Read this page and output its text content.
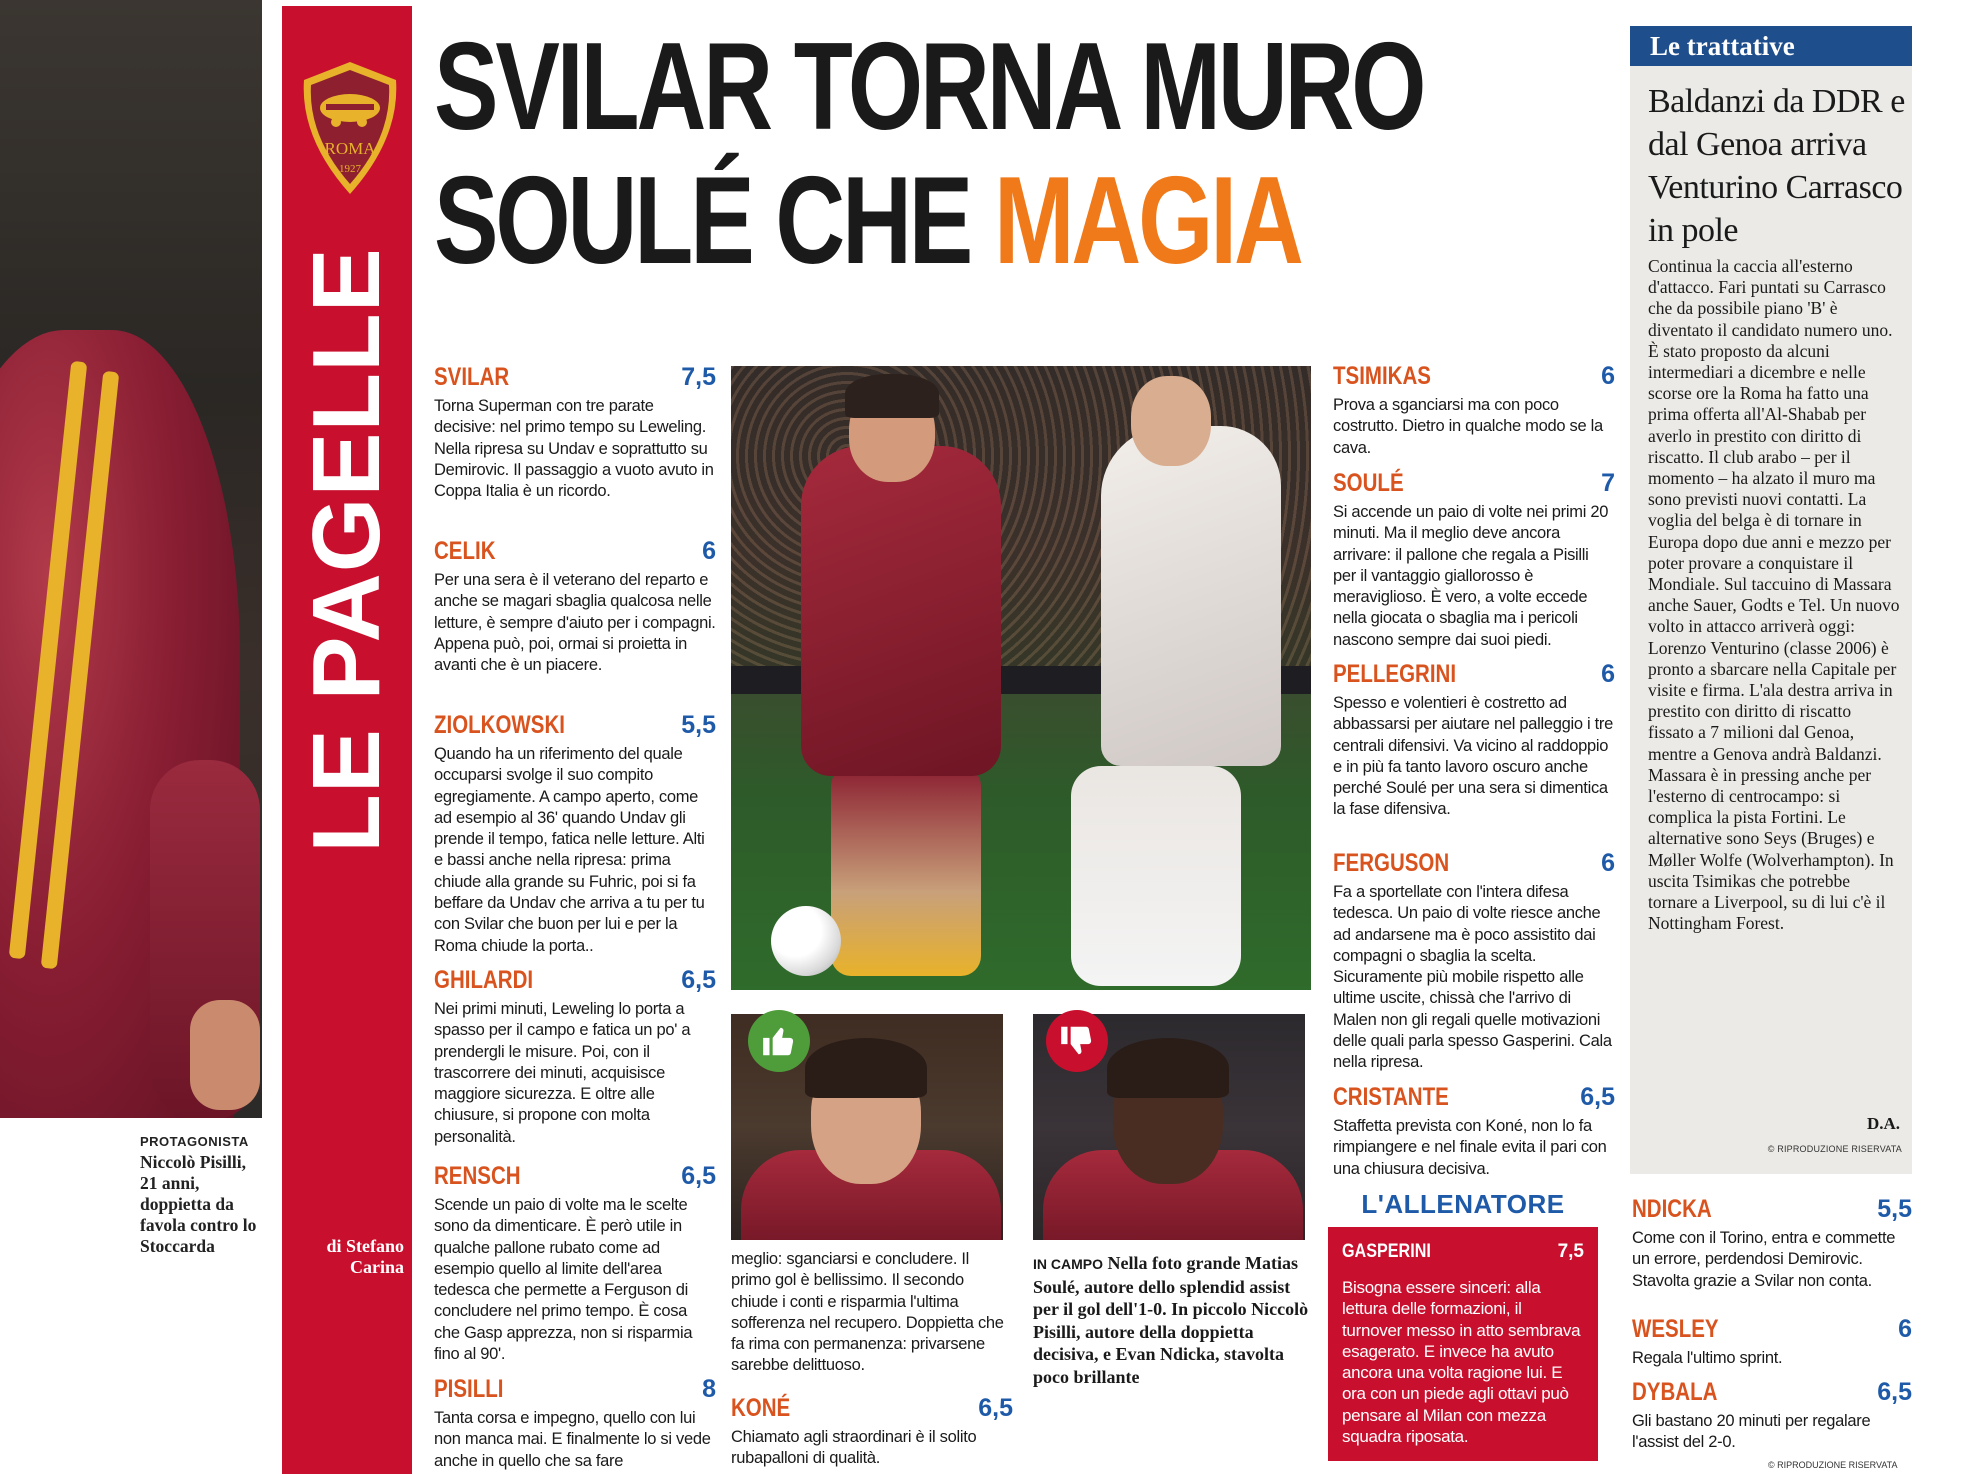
PROTAGONISTA
Niccolò Pisilli, 21 anni, doppietta da favola contro lo Stoccarda
ROMA
1927
LE PAGELLE
di Stefano Carina
SVILAR TORNA MURO
SOULÉ CHE MAGIA
SVILAR	7,5
Torna Superman con tre parate decisive: nel primo tempo su Leweling. Nella ripresa su Undav e soprattutto su Demirovic. Il passaggio a vuoto avuto in Coppa Italia è un ricordo.
CELIK	6
Per una sera è il veterano del reparto e anche se magari sbaglia qualcosa nelle letture, è sempre d'aiuto per i compagni. Appena può, poi, ormai si proietta in avanti che è un piacere.
ZIOLKOWSKI	5,5
Quando ha un riferimento del quale occuparsi svolge il suo compito egregiamente. A campo aperto, come ad esempio al 36' quando Undav gli prende il tempo, fatica nelle letture. Alti e bassi anche nella ripresa: prima chiude alla grande su Fuhric, poi si fa beffare da Undav che arriva a tu per tu con Svilar che buon per lui e per la Roma chiude la porta..
GHILARDI	6,5
Nei primi minuti, Leweling lo porta a spasso per il campo e fatica un po' a prendergli le misure. Poi, con il trascorrere dei minuti, acquisisce maggiore sicurezza. E oltre alle chiusure, si propone con molta personalità.
RENSCH	6,5
Scende un paio di volte ma le scelte sono da dimenticare. È però utile in qualche pallone rubato come ad esempio quello al limite dell'area tedesca che permette a Ferguson di concludere nel primo tempo. È cosa che Gasp apprezza, non si risparmia fino al 90'.
PISILLI	8
Tanta corsa e impegno, quello con lui non manca mai. E finalmente lo si vede anche in quello che sa fare
meglio: sganciarsi e concludere. Il primo gol è bellissimo. Il secondo chiude i conti e risparmia l'ultima sofferenza nel recupero. Doppietta che fa rima con permanenza: privarsene sarebbe delittuoso.
KONÉ	6,5
Chiamato agli straordinari è il solito rubapalloni di qualità.
IN CAMPO Nella foto grande Matias Soulé, autore dello splendid assist per il gol dell'1-0. In piccolo Niccolò Pisilli, autore della doppietta decisiva, e Evan Ndicka, stavolta poco brillante
TSIMIKAS	6
Prova a sganciarsi ma con poco costrutto. Dietro in qualche modo se la cava.
SOULÉ	7
Si accende un paio di volte nei primi 20 minuti. Ma il meglio deve ancora arrivare: il pallone che regala a Pisilli per il vantaggio giallorosso è meraviglioso. È vero, a volte eccede nella giocata o sbaglia ma i pericoli nascono sempre dai suoi piedi.
PELLEGRINI	6
Spesso e volentieri è costretto ad abbassarsi per aiutare nel palleggio i tre centrali difensivi. Va vicino al raddoppio e in più fa tanto lavoro oscuro anche perché Soulé per una sera si dimentica la fase difensiva.
FERGUSON	6
Fa a sportellate con l'intera difesa tedesca. Un paio di volte riesce anche ad andarsene ma è poco assistito dai compagni o sbaglia la scelta. Sicuramente più mobile rispetto alle ultime uscite, chissà che l'arrivo di Malen non gli regali quelle motivazioni delle quali parla spesso Gasperini. Cala nella ripresa.
CRISTANTE	6,5
Staffetta prevista con Koné, non lo fa rimpiangere e nel finale evita il pari con una chiusura decisiva.
L'ALLENATORE
GASPERINI	7,5
Bisogna essere sinceri: alla lettura delle formazioni, il turnover messo in atto sembrava esagerato. E invece ha avuto ancora una volta ragione lui. E ora con un piede agli ottavi può pensare al Milan con mezza squadra riposata.
Le trattative
Baldanzi da DDR e dal Genoa arriva Venturino Carrasco in pole
Continua la caccia all'esterno d'attacco. Fari puntati su Carrasco che da possibile piano 'B' è diventato il candidato numero uno. È stato proposto da alcuni intermediari a dicembre e nelle scorse ore la Roma ha fatto una prima offerta all'Al-Shabab per averlo in prestito con diritto di riscatto. Il club arabo – per il momento – ha alzato il muro ma sono previsti nuovi contatti. La voglia del belga è di tornare in Europa dopo due anni e mezzo per poter provare a conquistare il Mondiale. Sul taccuino di Massara anche Sauer, Godts e Tel. Un nuovo volto in attacco arriverà oggi: Lorenzo Venturino (classe 2006) è pronto a sbarcare nella Capitale per visite e firma. L'ala destra arriva in prestito con diritto di riscatto fissato a 7 milioni dal Genoa, mentre a Genova andrà Baldanzi. Massara è in pressing anche per l'esterno di centrocampo: si complica la pista Fortini. Le alternative sono Seys (Bruges) e Møller Wolfe (Wolverhampton). In uscita Tsimikas che potrebbe tornare a Liverpool, su di lui c'è il Nottingham Forest.
D.A.
© RIPRODUZIONE RISERVATA
NDICKA	5,5
Come con il Torino, entra e commette un errore, perdendosi Demirovic. Stavolta grazie a Svilar non conta.
WESLEY	6
Regala l'ultimo sprint.
DYBALA	6,5
Gli bastano 20 minuti per regalare l'assist del 2-0.
© RIPRODUZIONE RISERVATA
